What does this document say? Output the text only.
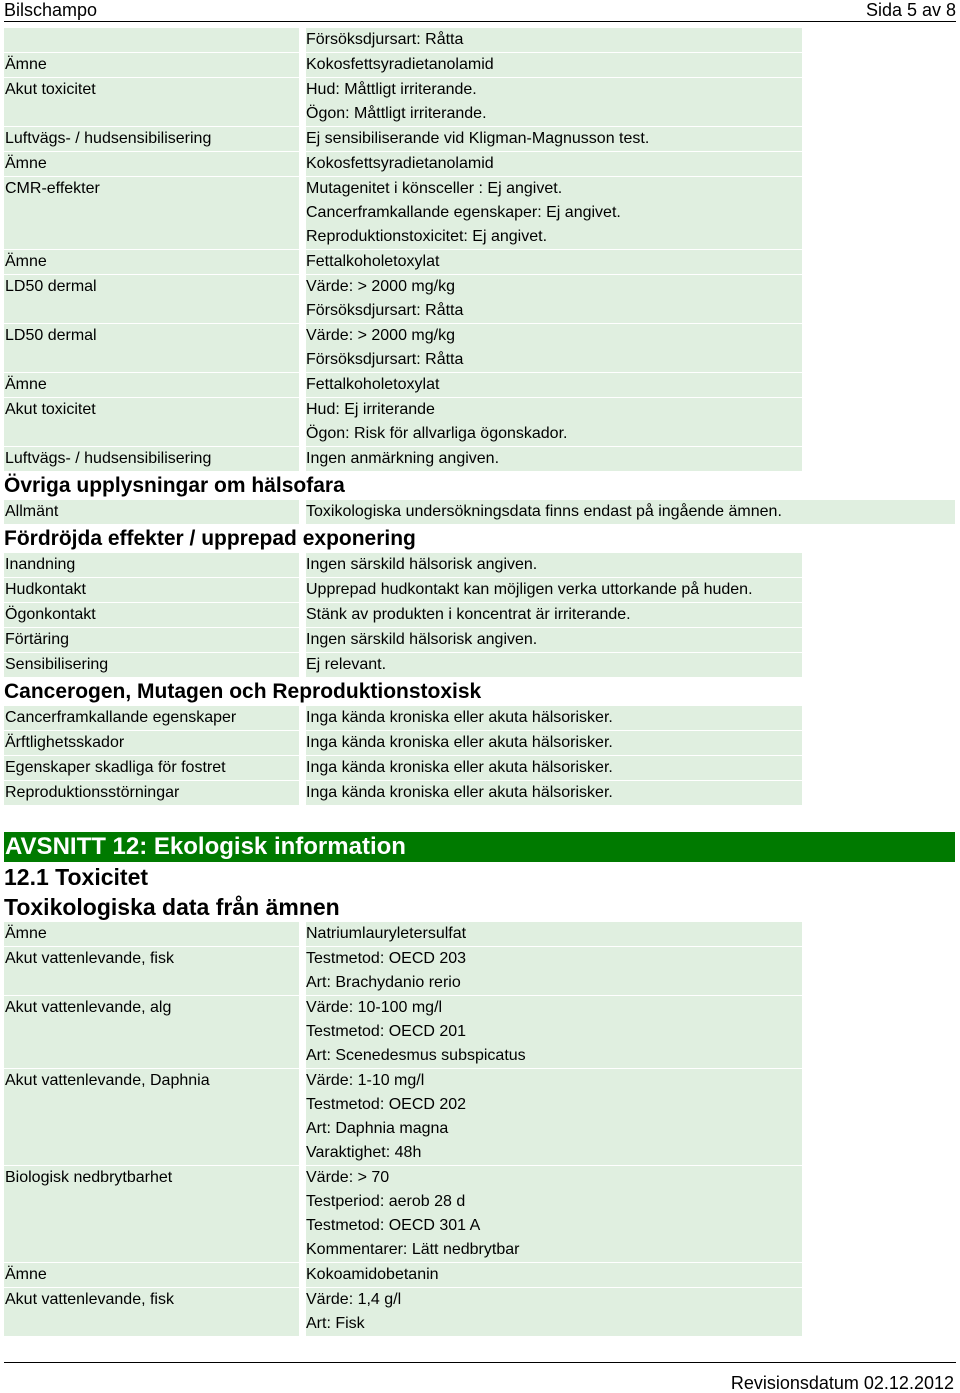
Bilschampo	Sida 5 av 8
Försöksdjursart: Råtta
Ämne	Kokosfettsyradietanolamid
Akut toxicitet	Hud: Måttligt irriterande.
Ögon: Måttligt irriterande.
Luftvägs- / hudsensibilisering	Ej sensibiliserande vid Kligman-Magnusson test.
Ämne	Kokosfettsyradietanolamid
CMR-effekter	Mutagenitet i könsceller : Ej angivet.
Cancerframkallande egenskaper: Ej angivet.
Reproduktionstoxicitet: Ej angivet.
Ämne	Fettalkoholetoxylat
LD50 dermal	Värde: > 2000 mg/kg
Försöksdjursart: Råtta
LD50 dermal	Värde: > 2000 mg/kg
Försöksdjursart: Råtta
Ämne	Fettalkoholetoxylat
Akut toxicitet	Hud: Ej irriterande
Ögon: Risk för allvarliga ögonskador.
Luftvägs- / hudsensibilisering	Ingen anmärkning angiven.
Övriga upplysningar om hälsofara
Allmänt	Toxikologiska undersökningsdata finns endast på ingående ämnen.
Fördröjda effekter / upprepad exponering
Inandning	Ingen särskild hälsorisk angiven.
Hudkontakt	Upprepad hudkontakt kan möjligen verka uttorkande på huden.
Ögonkontakt	Stänk av produkten i koncentrat är irriterande.
Förtäring	Ingen särskild hälsorisk angiven.
Sensibilisering	Ej relevant.
Cancerogen, Mutagen och Reproduktionstoxisk
Cancerframkallande egenskaper	Inga kända kroniska eller akuta hälsorisker.
Ärftlighetsskador	Inga kända kroniska eller akuta hälsorisker.
Egenskaper skadliga för fostret	Inga kända kroniska eller akuta hälsorisker.
Reproduktionsstörningar	Inga kända kroniska eller akuta hälsorisker.
AVSNITT 12: Ekologisk information
12.1 Toxicitet
Toxikologiska data från ämnen
Ämne	Natriumlauryletersulfat
Akut vattenlevande, fisk	Testmetod: OECD 203
Art: Brachydanio rerio
Akut vattenlevande, alg	Värde: 10-100 mg/l
Testmetod: OECD 201
Art: Scenedesmus subspicatus
Akut vattenlevande, Daphnia	Värde: 1-10 mg/l
Testmetod: OECD 202
Art: Daphnia magna
Varaktighet: 48h
Biologisk nedbrytbarhet	Värde: > 70
Testperiod: aerob 28 d
Testmetod: OECD 301 A
Kommentarer: Lätt nedbrytbar
Ämne	Kokoamidobetanin
Akut vattenlevande, fisk	Värde: 1,4 g/l
Art: Fisk
Revisionsdatum 02.12.2012
